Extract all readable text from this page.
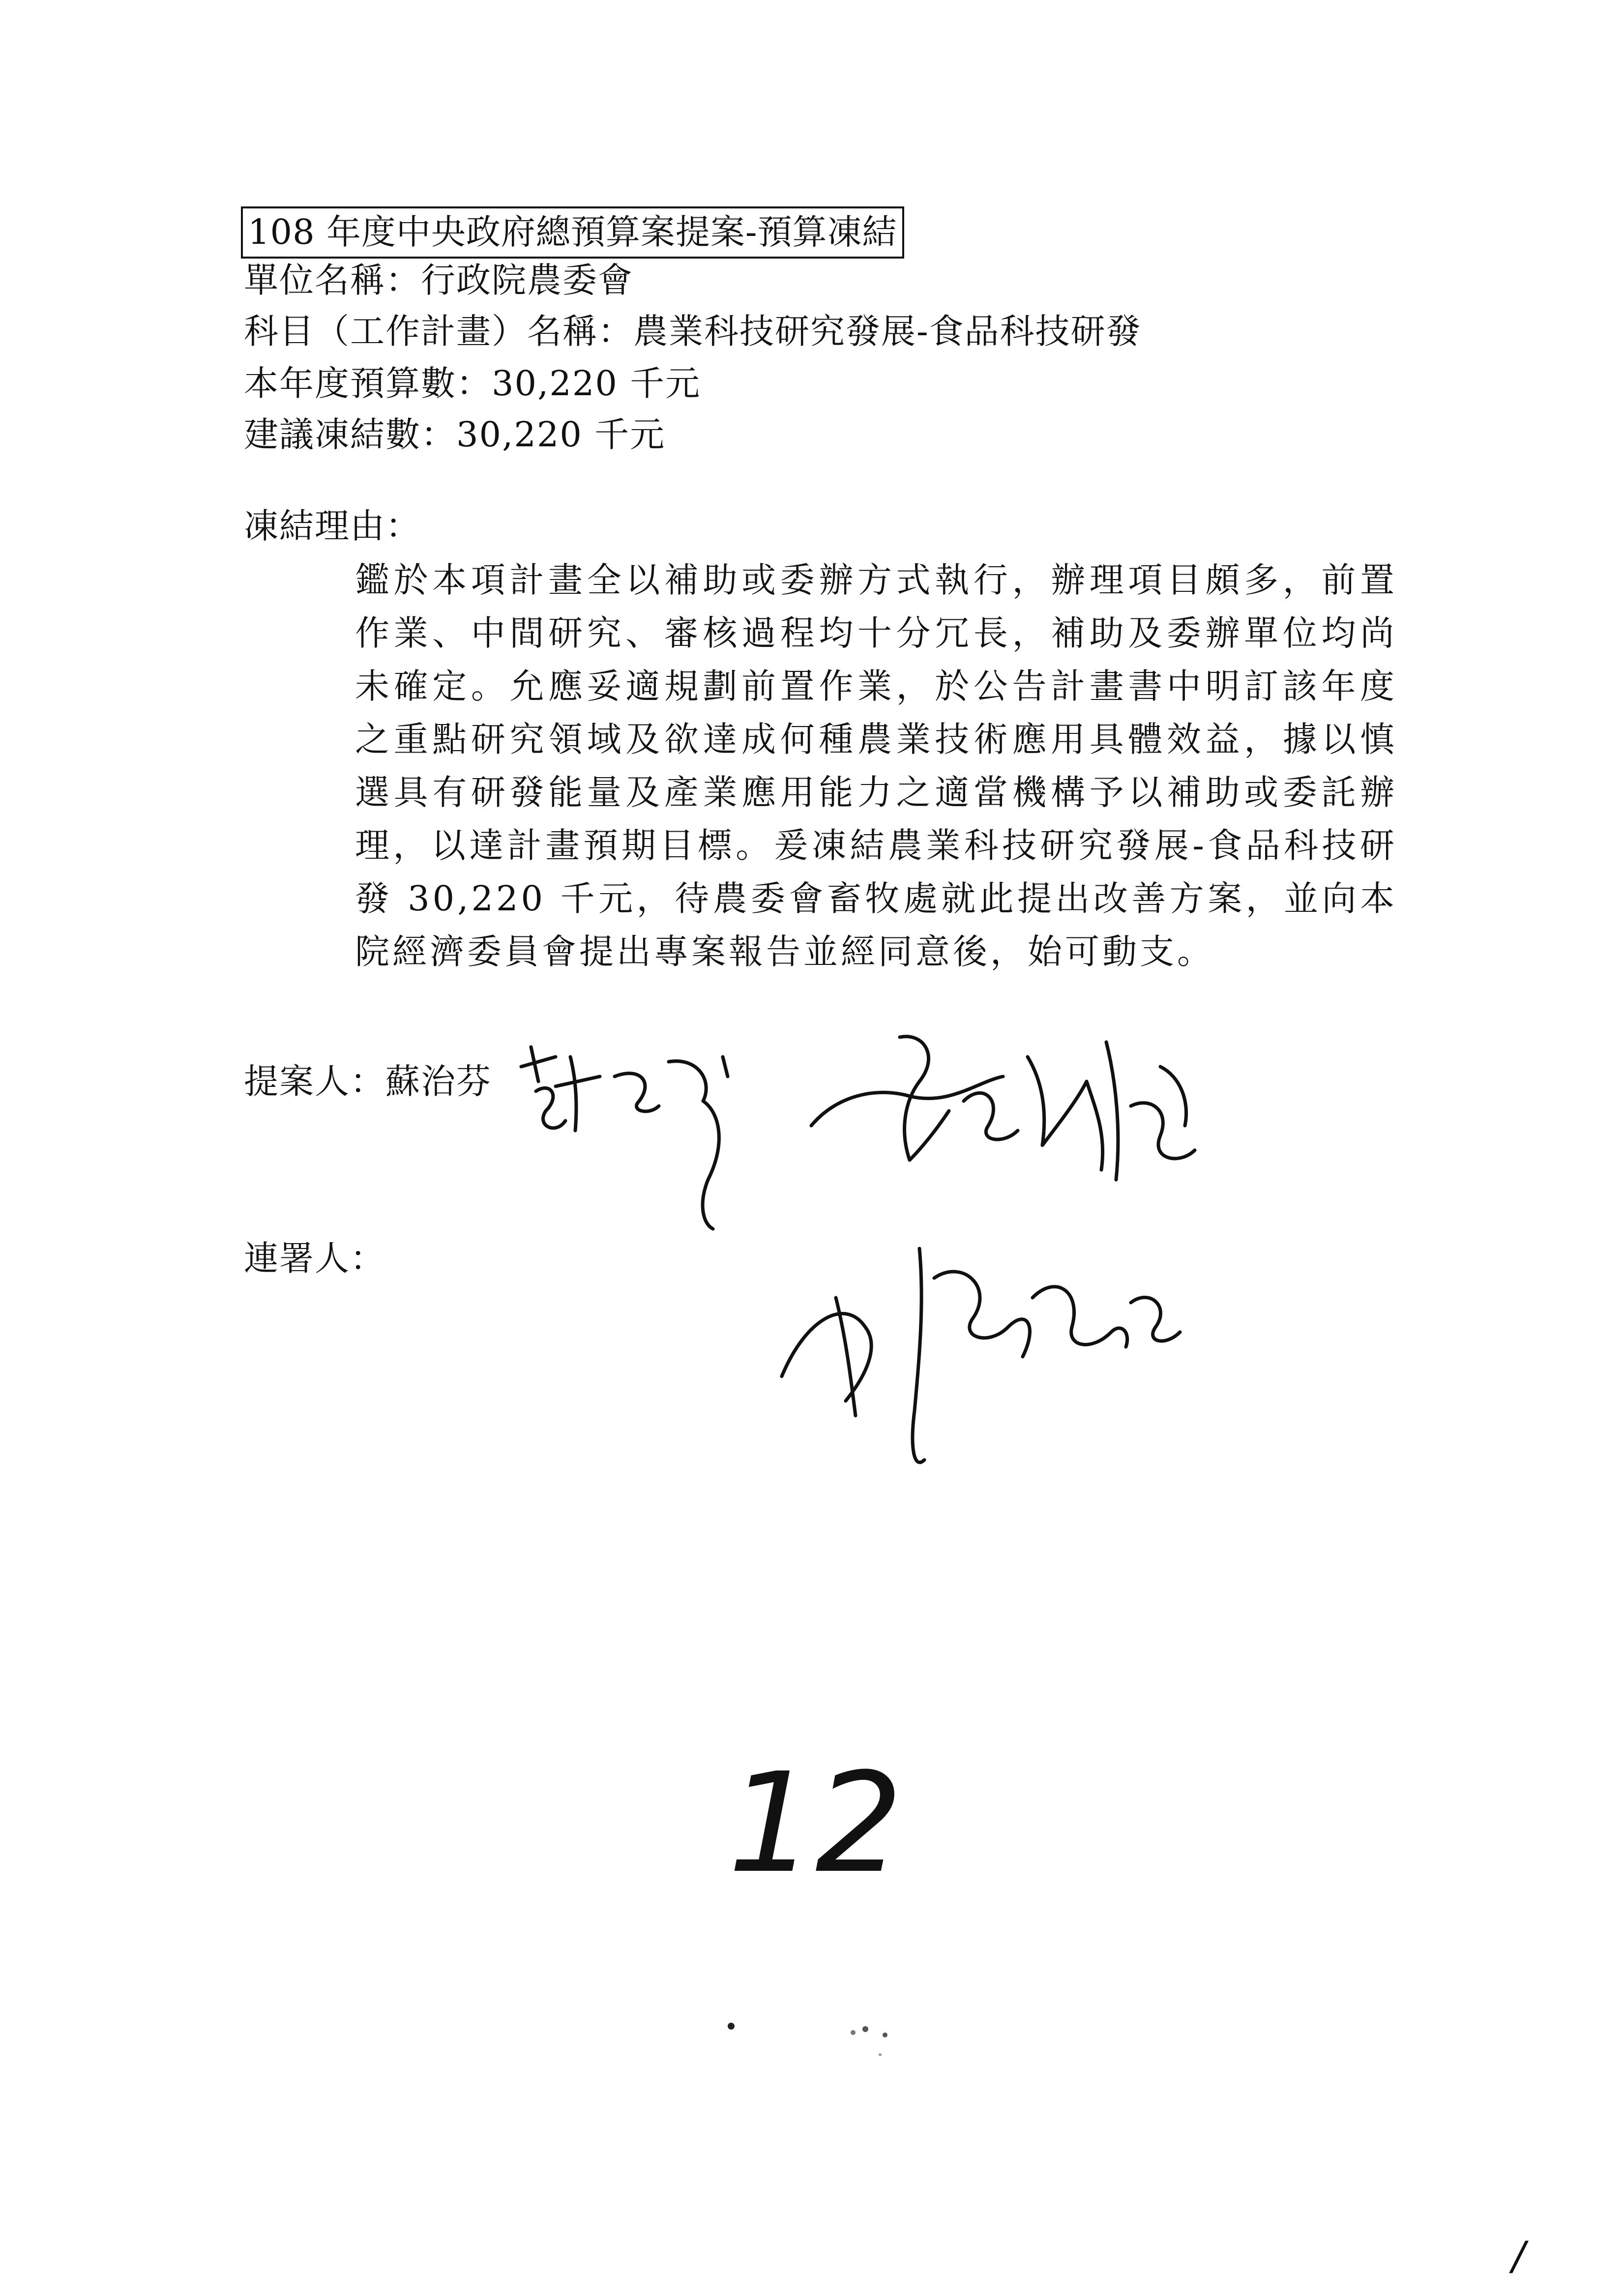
108 年度中央政府總預算案提案-預算凍結
單位名稱：行政院農委會
科目（工作計畫）名稱：農業科技研究發展-食品科技研發
本年度預算數：30,220 千元
建議凍結數：30,220 千元
凍結理由：
鑑於本項計畫全以補助或委辦方式執行，辦理項目頗多，前置作業、中間研究、審核過程均十分冗長，補助及委辦單位均尚未確定。允應妥適規劃前置作業，於公告計畫書中明訂該年度之重點研究領域及欲達成何種農業技術應用具體效益，據以慎選具有研發能量及產業應用能力之適當機構予以補助或委託辦理，以達計畫預期目標。爰凍結農業科技研究發展-食品科技研發 30,220 千元，待農委會畜牧處就此提出改善方案，並向本院經濟委員會提出專案報告並經同意後，始可動支。
提案人：蘇治芬
連署人：
12
/
